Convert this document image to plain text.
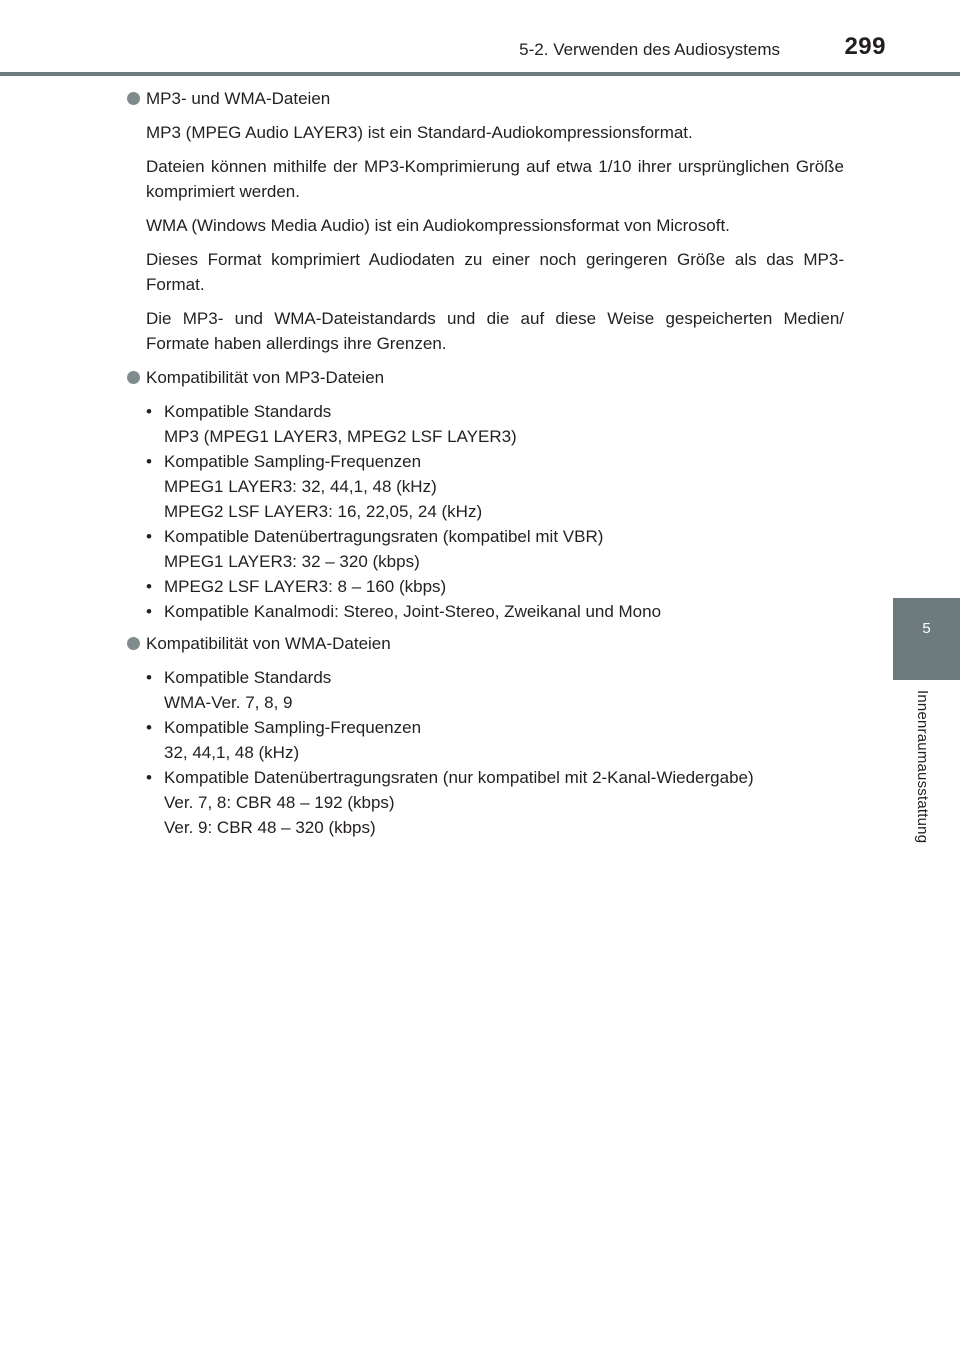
5-2. Verwenden des Audiosystems	299
5
Innenraumausstattung

MP3- und WMA-Dateien

MP3 (MPEG Audio LAYER3) ist ein Standard-Audiokompressionsformat.

Dateien können mithilfe der MP3-Komprimierung auf etwa 1/10 ihrer ursprünglichen Größe komprimiert werden.

WMA (Windows Media Audio) ist ein Audiokompressionsformat von Microsoft.

Dieses Format komprimiert Audiodaten zu einer noch geringeren Größe als das MP3-Format.

Die MP3- und WMA-Dateistandards und die auf diese Weise gespeicherten Medien/ Formate haben allerdings ihre Grenzen.

Kompatibilität von MP3-Dateien

• Kompatible Standards
MP3 (MPEG1 LAYER3, MPEG2 LSF LAYER3)
• Kompatible Sampling-Frequenzen
MPEG1 LAYER3: 32, 44,1, 48 (kHz)
MPEG2 LSF LAYER3: 16, 22,05, 24 (kHz)
• Kompatible Datenübertragungsraten (kompatibel mit VBR)
MPEG1 LAYER3: 32 – 320 (kbps)
• MPEG2 LSF LAYER3: 8 – 160 (kbps)
• Kompatible Kanalmodi: Stereo, Joint-Stereo, Zweikanal und Mono

Kompatibilität von WMA-Dateien

• Kompatible Standards
WMA-Ver. 7, 8, 9
• Kompatible Sampling-Frequenzen
32, 44,1, 48 (kHz)
• Kompatible Datenübertragungsraten (nur kompatibel mit 2-Kanal-Wiedergabe)
Ver. 7, 8: CBR 48 – 192 (kbps)
Ver. 9: CBR 48 – 320 (kbps)
